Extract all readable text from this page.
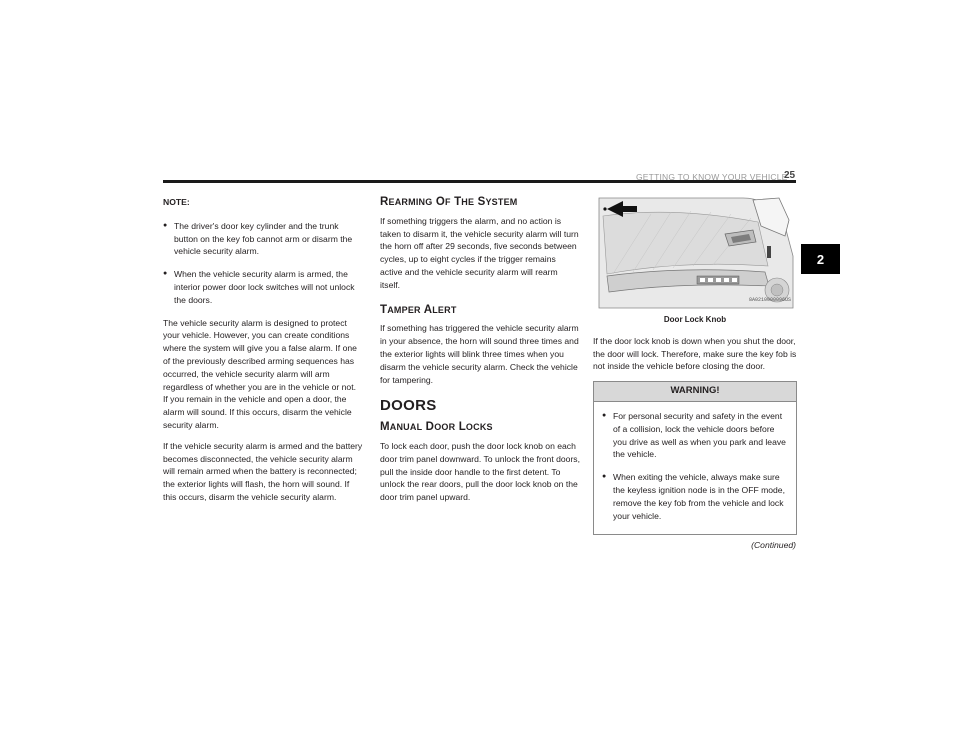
GETTING TO KNOW YOUR VEHICLE
25
2
NOTE:
● The driver's door key cylinder and the trunk button on the key fob cannot arm or disarm the vehicle security alarm.
● When the vehicle security alarm is armed, the interior power door lock switches will not unlock the doors.

The vehicle security alarm is designed to protect your vehicle. However, you can create conditions where the system will give you a false alarm. If one of the previously described arming sequences has occurred, the vehicle security alarm will arm regardless of whether you are in the vehicle or not. If you remain in the vehicle and open a door, the alarm will sound. If this occurs, disarm the vehicle security alarm.

If the vehicle security alarm is armed and the battery becomes disconnected, the vehicle security alarm will remain armed when the battery is reconnected; the exterior lights will flash, the horn will sound. If this occurs, disarm the vehicle security alarm.

REARMING OF THE SYSTEM

If something triggers the alarm, and no action is taken to disarm it, the vehicle security alarm will turn the horn off after 29 seconds, five seconds between cycles, up to eight cycles if the trigger remains active and the vehicle security alarm will rearm itself.

TAMPER ALERT

If something has triggered the vehicle security alarm in your absence, the horn will sound three times and the exterior lights will blink three times when you disarm the vehicle security alarm. Check the vehicle for tampering.

DOORS
MANUAL DOOR LOCKS

To lock each door, push the door lock knob on each door trim panel downward. To unlock the front doors, pull the inside door handle to the first detent. To unlock the rear doors, pull the door lock knob on the door trim panel upward.

8A0210000096US
Door Lock Knob

If the door lock knob is down when you shut the door, the door will lock. Therefore, make sure the key fob is not inside the vehicle before closing the door.

WARNING!
● For personal security and safety in the event of a collision, lock the vehicle doors before you drive as well as when you park and leave the vehicle.
● When exiting the vehicle, always make sure the keyless ignition node is in the OFF mode, remove the key fob from the vehicle and lock your vehicle.
(Continued)
